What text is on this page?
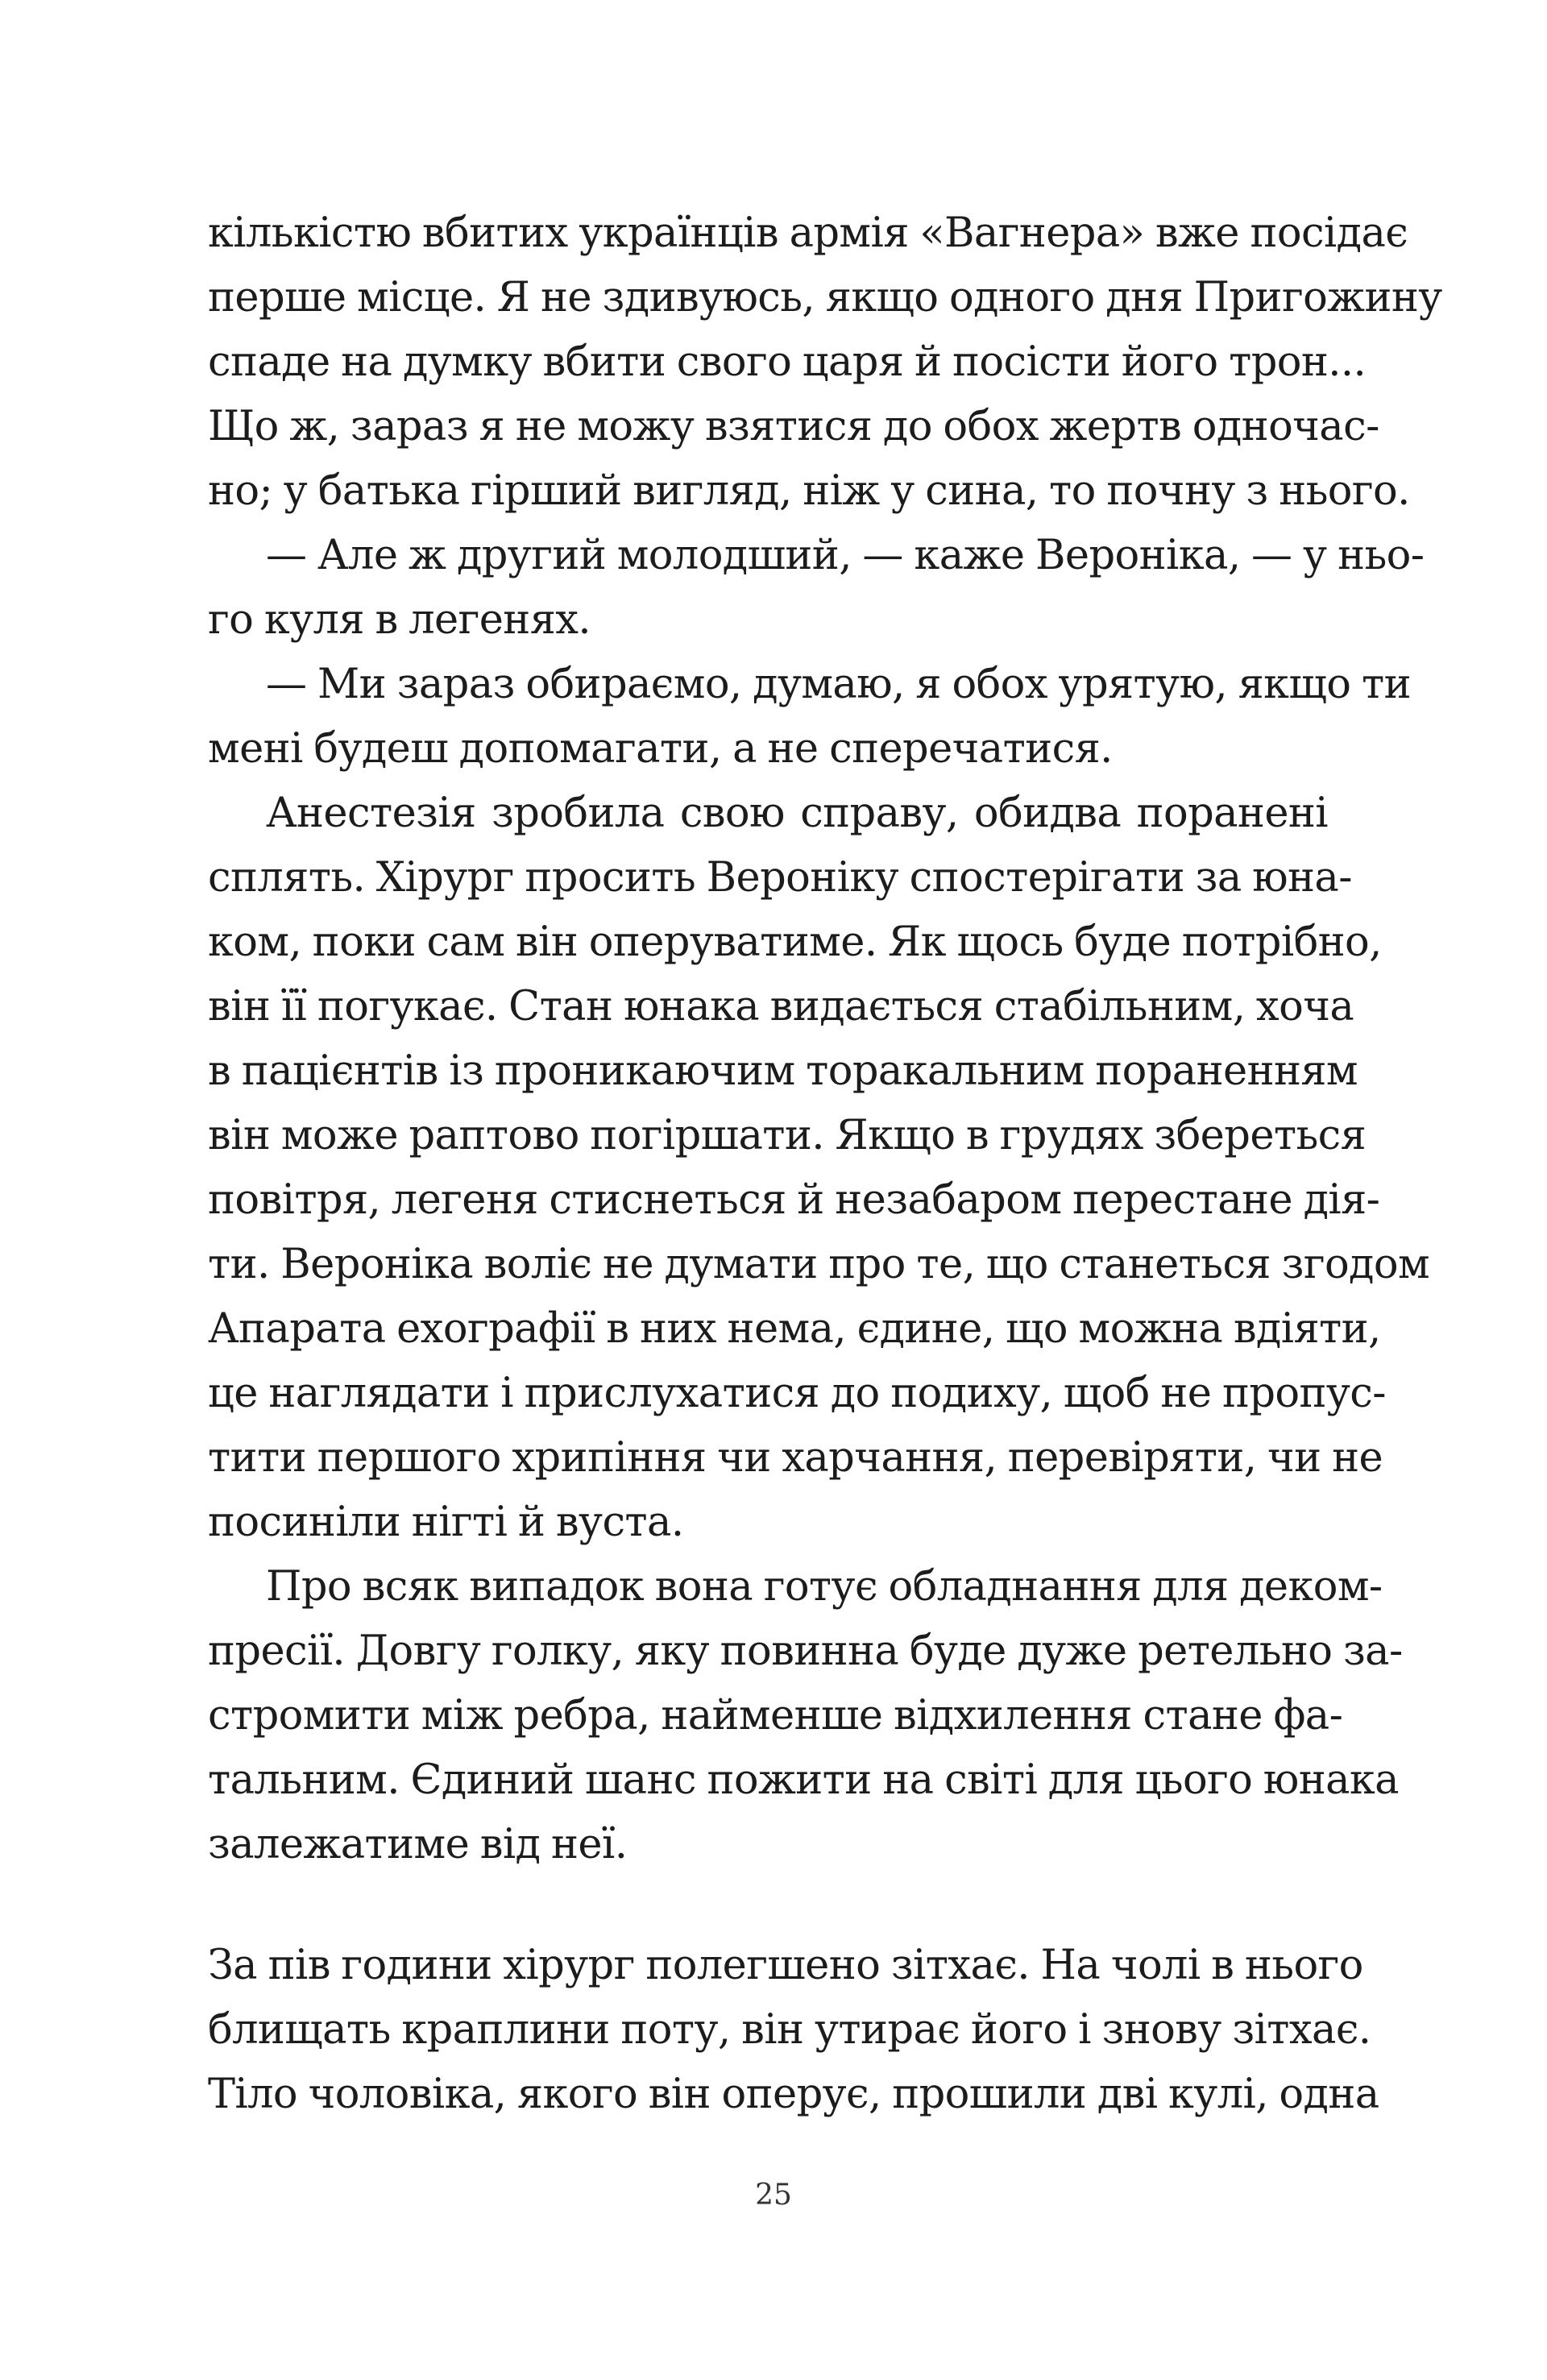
кількістю вбитих українців армія «Вагнера» вже посідає
перше місце. Я не здивуюсь, якщо одного дня Пригожину
спаде на думку вбити свого царя й посісти його трон...
Що ж, зараз я не можу взятися до обох жертв одночас-
но; у батька гірший вигляд, ніж у сина, то почну з нього.
— Але ж другий молодший, — каже Вероніка, — у ньо-
го куля в легенях.
— Ми зараз обираємо, думаю, я обох урятую, якщо ти
мені будеш допомагати, а не сперечатися.
Анестезія зробила свою справу, обидва поранені
сплять. Хірург просить Вероніку спостерігати за юна-
ком, поки сам він оперуватиме. Як щось буде потрібно,
він її погукає. Стан юнака видається стабільним, хоча
в пацієнтів із проникаючим торакальним пораненням
він може раптово погіршати. Якщо в грудях збереться
повітря, легеня стиснеться й незабаром перестане дія-
ти. Вероніка воліє не думати про те, що станеться згодом
Апарата ехографії в них нема, єдине, що можна вдіяти,
це наглядати і прислухатися до подиху, щоб не пропус-
тити першого хрипіння чи харчання, перевіряти, чи не
посиніли нігті й вуста.
Про всяк випадок вона готує обладнання для деком-
пресії. Довгу голку, яку повинна буде дуже ретельно за-
стромити між ребра, найменше відхилення стане фа-
тальним. Єдиний шанс пожити на світі для цього юнака
залежатиме від неї.
За пів години хірург полегшено зітхає. На чолі в нього
блищать краплини поту, він утирає його і знову зітхає.
Тіло чоловіка, якого він оперує, прошили дві кулі, одна
25
